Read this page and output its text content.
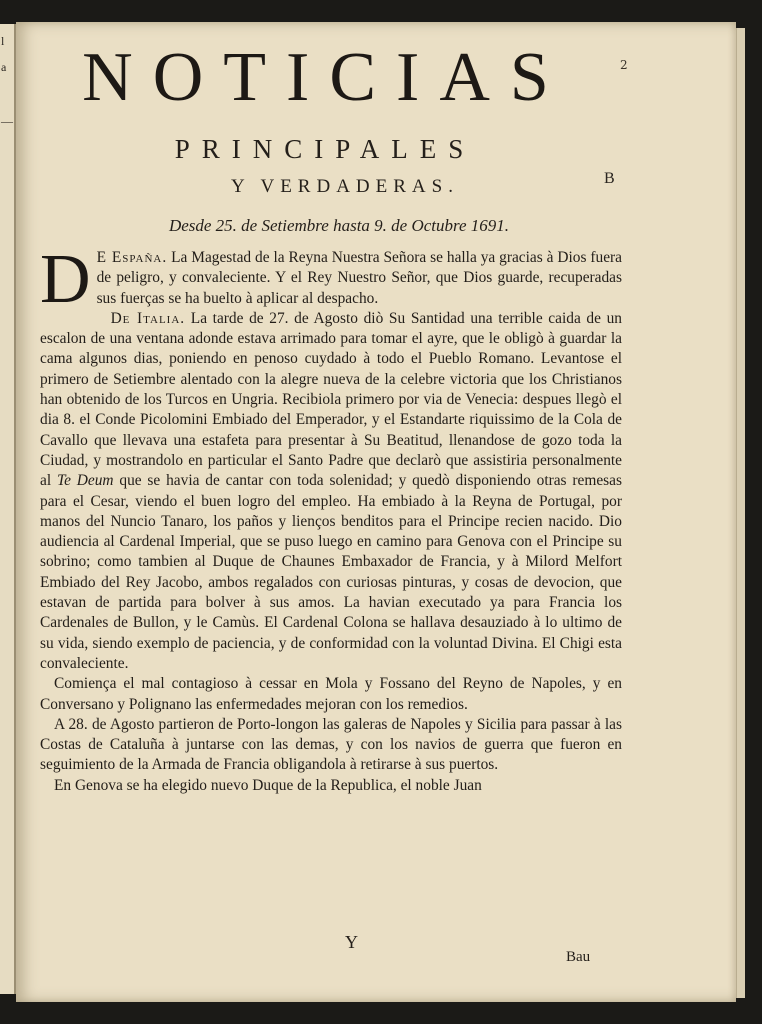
l
a
—
2
NOTICIAS
PRINCIPALES
Y VERDADERAS.	B
Desde 25. de Setiembre hasta 9. de Octubre 1691.

D E España. La Magestad de la Reyna Nuestra Señora se halla ya gracias à Dios fuera de peligro, y convaleciente. Y el Rey Nuestro Señor, que Dios guarde, recuperadas sus fuerças se ha buelto à aplicar al despacho.

De Italia. La tarde de 27. de Agosto diò Su Santidad una terrible caida de un escalon de una ventana adonde estava arrimado para tomar el ayre, que le obligò à guardar la cama algunos dias, poniendo en penoso cuydado à todo el Pueblo Romano. Levantose el primero de Setiembre alentado con la alegre nueva de la celebre victoria que los Christianos han obtenido de los Turcos en Ungria. Recibiola primero por via de Venecia: despues llegò el dia 8. el Conde Picolomini Embiado del Emperador, y el Estandarte riquissimo de la Cola de Cavallo que llevava una estafeta para presentar à Su Beatitud, llenandose de gozo toda la Ciudad, y mostrandolo en particular el Santo Padre que declarò que assistiria personalmente al Te Deum que se havia de cantar con toda solenidad; y quedò disponiendo otras remesas para el Cesar, viendo el buen logro del empleo. Ha embiado à la Reyna de Portugal, por manos del Nuncio Tanaro, los paños y lienços benditos para el Principe recien nacido. Dio audiencia al Cardenal Imperial, que se puso luego en camino para Genova con el Principe su sobrino; como tambien al Duque de Chaunes Embaxador de Francia, y à Milord Melfort Embiado del Rey Jacobo, ambos regalados con curiosas pinturas, y cosas de devocion, que estavan de partida para bolver à sus amos. La havian executado ya para Francia los Cardenales de Bullon, y le Camùs. El Cardenal Colona se hallava desauziado à lo ultimo de su vida, siendo exemplo de paciencia, y de conformidad con la voluntad Divina. El Chigi esta convaleciente.

Comiença el mal contagioso à cessar en Mola y Fossano del Reyno de Napoles, y en Conversano y Polignano las enfermedades mejoran con los remedios.

A 28. de Agosto partieron de Porto-longon las galeras de Napoles y Sicilia para passar à las Costas de Cataluña à juntarse con las demas, y con los navios de guerra que fueron en seguimiento de la Armada de Francia obligandola à retirarse à sus puertos.

En Genova se ha elegido nuevo Duque de la Republica, el noble Juan

Y
Bau
